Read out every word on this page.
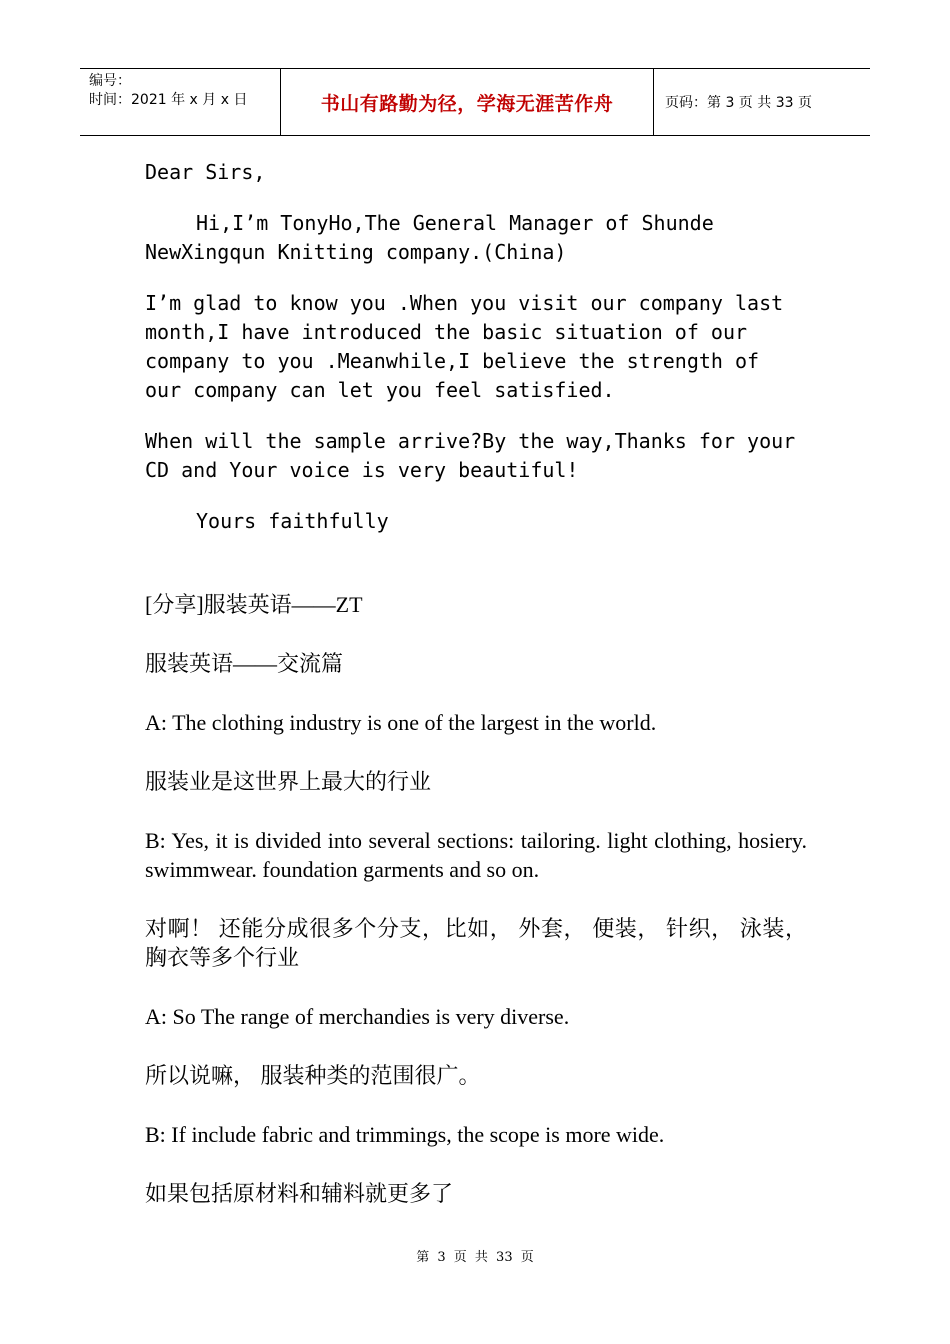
编号：
时间：2021 年 x 月 x 日	书山有路勤为径，学海无涯苦作舟	页码：第 3 页 共 33 页

Dear Sirs,

Hi,I’m TonyHo,The General Manager of Shunde NewXingqun Knitting company.(China)

I’m glad to know you .When you visit our company last month,I have introduced the basic situation of our company to you .Meanwhile,I believe the strength of our company can let you feel satisfied.

When will the sample arrive?By the way,Thanks for your CD and Your voice is very beautiful!

Yours faithfully

[分享]服装英语——ZT

服装英语——交流篇

A: The clothing industry is one of the largest in the world.

服装业是这世界上最大的行业

B: Yes, it is divided into several sections: tailoring. light clothing, hosiery. swimmwear. foundation garments and so on.

对啊！ 还能分成很多个分支，比如， 外套， 便装， 针织， 泳装， 胸衣等多个行业

A: So The range of merchandies is very diverse.

所以说嘛， 服装种类的范围很广。

B: If include fabric and trimmings, the scope is more wide.

如果包括原材料和辅料就更多了

第 3 页 共 33 页
